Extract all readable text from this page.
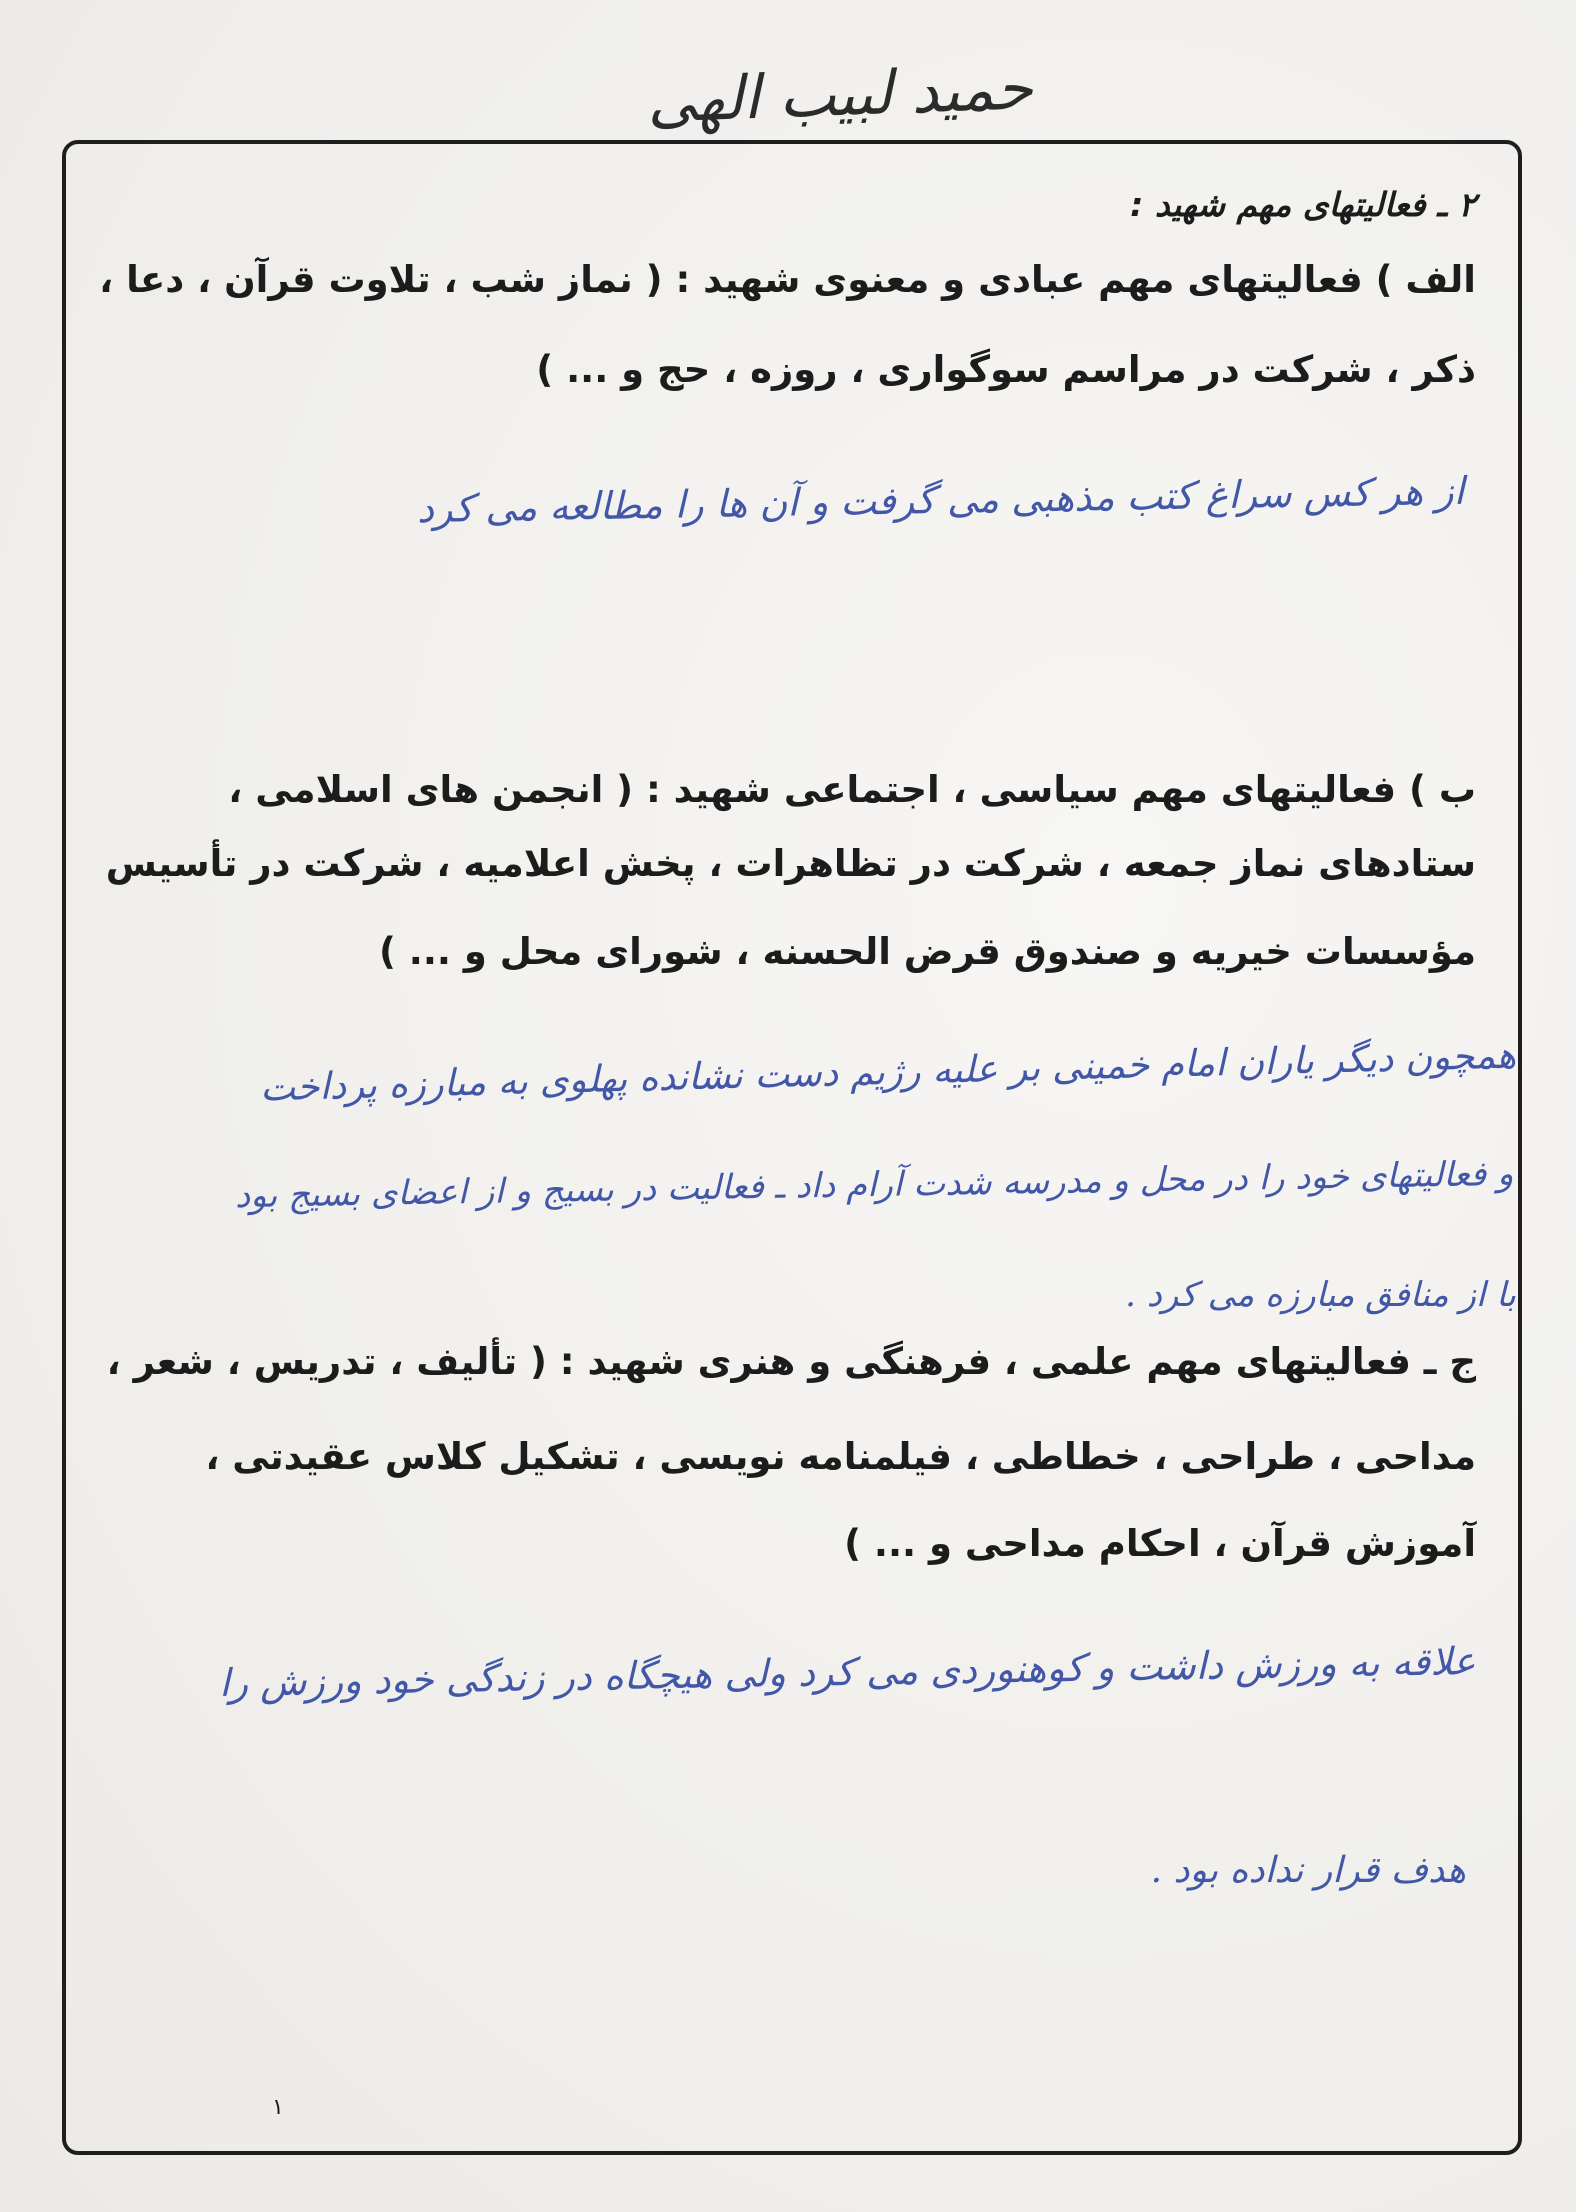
حمید لبیب الهی
۲ ـ فعالیتهای مهم شهید :
الف ) فعالیتهای مهم عبادی و معنوی شهید : ( نماز شب ، تلاوت قرآن ، دعا ،
ذکر ، شرکت در مراسم سوگواری ، روزه ، حج و ... )
از هر کس سراغ کتب مذهبی می گرفت و آن ها را مطالعه می کرد
ب ) فعالیتهای مهم سیاسی ، اجتماعی شهید : ( انجمن های اسلامی ،
ستادهای نماز جمعه ، شرکت در تظاهرات ، پخش اعلامیه ، شرکت در تأسیس
مؤسسات خیریه و صندوق قرض الحسنه ، شورای محل و ... )
همچون دیگر یاران امام خمینی بر علیه رژیم دست نشانده پهلوی به مبارزه پرداخت
و فعالیتهای خود را در محل و مدرسه شدت آرام داد ـ فعالیت در بسیج و از اعضای بسیج بود
با از منافق مبارزه می کرد .
ج ـ فعالیتهای مهم علمی ، فرهنگی و هنری شهید : ( تألیف ، تدریس ، شعر ،
مداحی ، طراحی ، خطاطی ، فیلمنامه نویسی ، تشکیل کلاس عقیدتی ،
آموزش قرآن ، احکام مداحی و ... )
علاقه به ورزش داشت و کوهنوردی می کرد ولی هیچگاه در زندگی خود ورزش را
هدف قرار نداده بود .
۱
